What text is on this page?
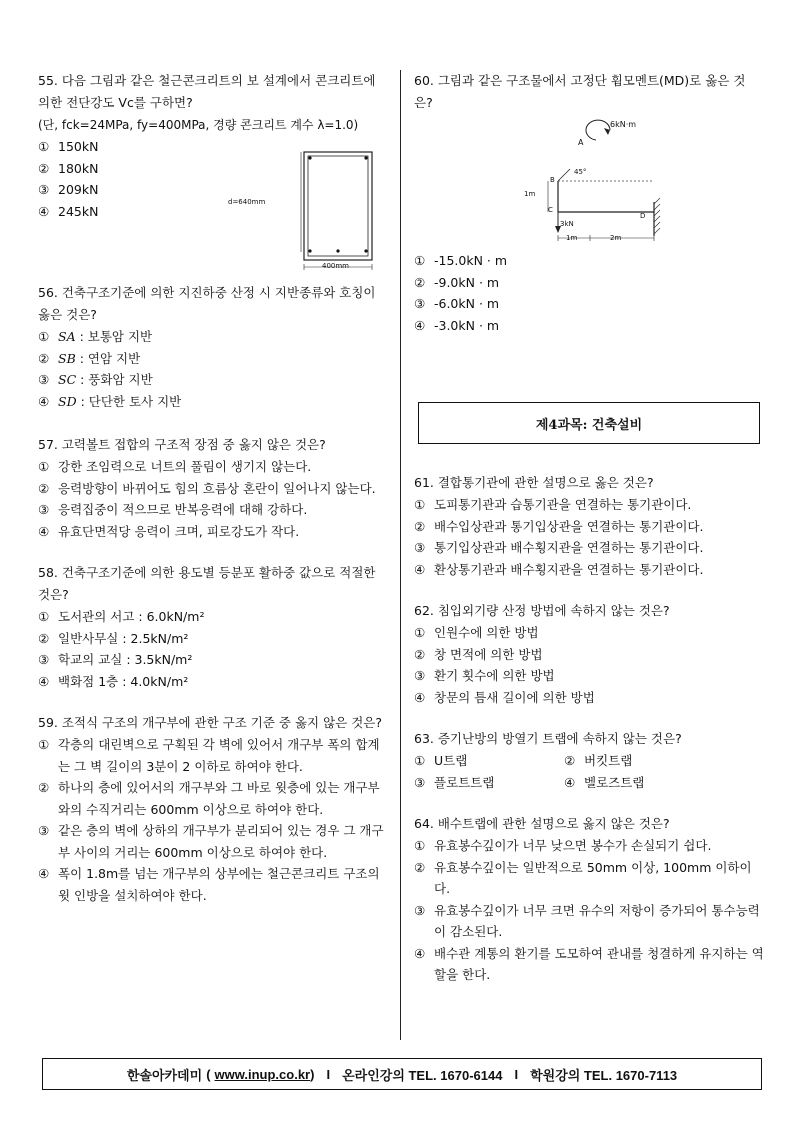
55. 다음 그림과 같은 철근콘크리트의 보 설계에서 콘크리트에 의한 전단강도 Vc를 구하면?
(단, fck=24MPa, fy=400MPa, 경량 콘크리트 계수 λ=1.0)
① 150kN
② 180kN
③ 209kN
④ 245kN
d=640mm
400mm
56. 건축구조기준에 의한 지진하중 산정 시 지반종류와 호칭이 옳은 것은?
① SA : 보통암 지반
② SB : 연암 지반
③ SC : 풍화암 지반
④ SD : 단단한 토사 지반
57. 고력볼트 접합의 구조적 장점 중 옳지 않은 것은?
① 강한 조임력으로 너트의 풀림이 생기지 않는다.
② 응력방향이 바뀌어도 힘의 흐름상 혼란이 일어나지 않는다.
③ 응력집중이 적으므로 반복응력에 대해 강하다.
④ 유효단면적당 응력이 크며, 피로강도가 작다.
58. 건축구조기준에 의한 용도별 등분포 활하중 값으로 적절한 것은?
① 도서관의 서고 : 6.0kN/m²
② 일반사무실 : 2.5kN/m²
③ 학교의 교실 : 3.5kN/m²
④ 백화점 1층 : 4.0kN/m²
59. 조적식 구조의 개구부에 관한 구조 기준 중 옳지 않은 것은?
① 각층의 대린벽으로 구획된 각 벽에 있어서 개구부 폭의 합계는 그 벽 길이의 3분이 2 이하로 하여야 한다.
② 하나의 층에 있어서의 개구부와 그 바로 윗층에 있는 개구부와의 수직거리는 600mm 이상으로 하여야 한다.
③ 같은 층의 벽에 상하의 개구부가 분리되어 있는 경우 그 개구부 사이의 거리는 600mm 이상으로 하여야 한다.
④ 폭이 1.8m를 넘는 개구부의 상부에는 철근콘크리트 구조의 윗 인방을 설치하여야 한다.
60. 그림과 같은 구조물에서 고정단 휨모멘트(MD)로 옳은 것은?
6kN·m
A
45°
B
1m
C
D
3kN
1m	2m
① -15.0kN · m
② -9.0kN · m
③ -6.0kN · m
④ -3.0kN · m
제4과목: 건축설비
61. 결합통기관에 관한 설명으로 옳은 것은?
① 도피통기관과 습통기관을 연결하는 통기관이다.
② 배수입상관과 통기입상관을 연결하는 통기관이다.
③ 통기입상관과 배수횡지관을 연결하는 통기관이다.
④ 환상통기관과 배수횡지관을 연결하는 통기관이다.
62. 침입외기량 산정 방법에 속하지 않는 것은?
① 인원수에 의한 방법
② 창 면적에 의한 방법
③ 환기 횟수에 의한 방법
④ 창문의 틈새 길이에 의한 방법
63. 증기난방의 방열기 트랩에 속하지 않는 것은?
① U트랩	② 버킷트랩
③ 플로트트랩	④ 벨로즈트랩
64. 배수트랩에 관한 설명으로 옳지 않은 것은?
① 유효봉수깊이가 너무 낮으면 봉수가 손실되기 쉽다.
② 유효봉수깊이는 일반적으로 50mm 이상, 100mm 이하이다.
③ 유효봉수깊이가 너무 크면 유수의 저항이 증가되어 통수능력이 감소된다.
④ 배수관 계통의 환기를 도모하여 관내를 청결하게 유지하는 역할을 한다.
한솔아카데미 ( www.inup.co.kr ) I 온라인강의 TEL. 1670-6144 I 학원강의 TEL. 1670-7113
